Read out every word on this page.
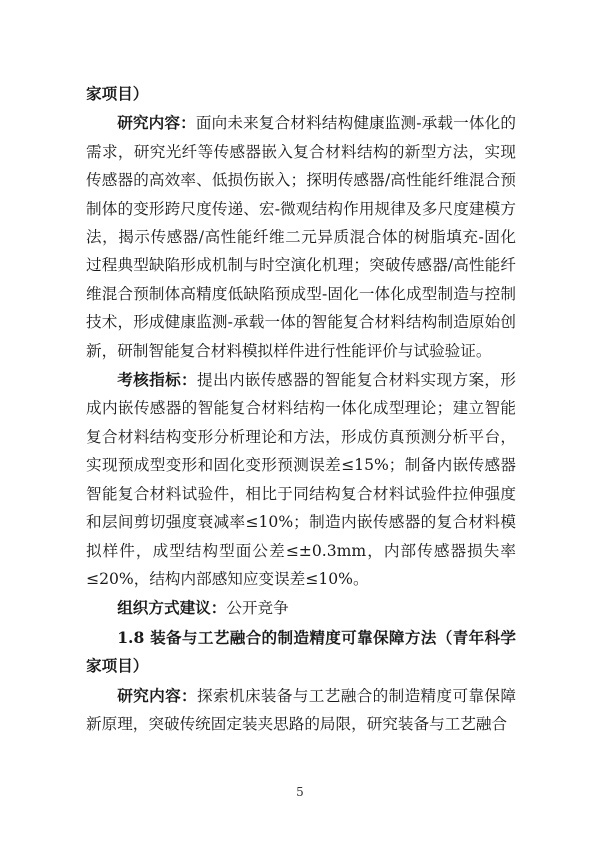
家项目）

研究内容：面向未来复合材料结构健康监测-承载一体化的需求，研究光纤等传感器嵌入复合材料结构的新型方法，实现传感器的高效率、低损伤嵌入；探明传感器/高性能纤维混合预制体的变形跨尺度传递、宏-微观结构作用规律及多尺度建模方法，揭示传感器/高性能纤维二元异质混合体的树脂填充-固化过程典型缺陷形成机制与时空演化机理；突破传感器/高性能纤维混合预制体高精度低缺陷预成型-固化一体化成型制造与控制技术，形成健康监测-承载一体的智能复合材料结构制造原始创新，研制智能复合材料模拟样件进行性能评价与试验验证。

考核指标：提出内嵌传感器的智能复合材料实现方案，形成内嵌传感器的智能复合材料结构一体化成型理论；建立智能复合材料结构变形分析理论和方法，形成仿真预测分析平台，实现预成型变形和固化变形预测误差≤15%；制备内嵌传感器智能复合材料试验件，相比于同结构复合材料试验件拉伸强度和层间剪切强度衰减率≤10%；制造内嵌传感器的复合材料模拟样件，成型结构型面公差≤±0.3mm，内部传感器损失率≤20%，结构内部感知应变误差≤10%。

组织方式建议：公开竞争

1.8 装备与工艺融合的制造精度可靠保障方法（青年科学家项目）

研究内容：探索机床装备与工艺融合的制造精度可靠保障新原理，突破传统固定装夹思路的局限，研究装备与工艺融合

5
